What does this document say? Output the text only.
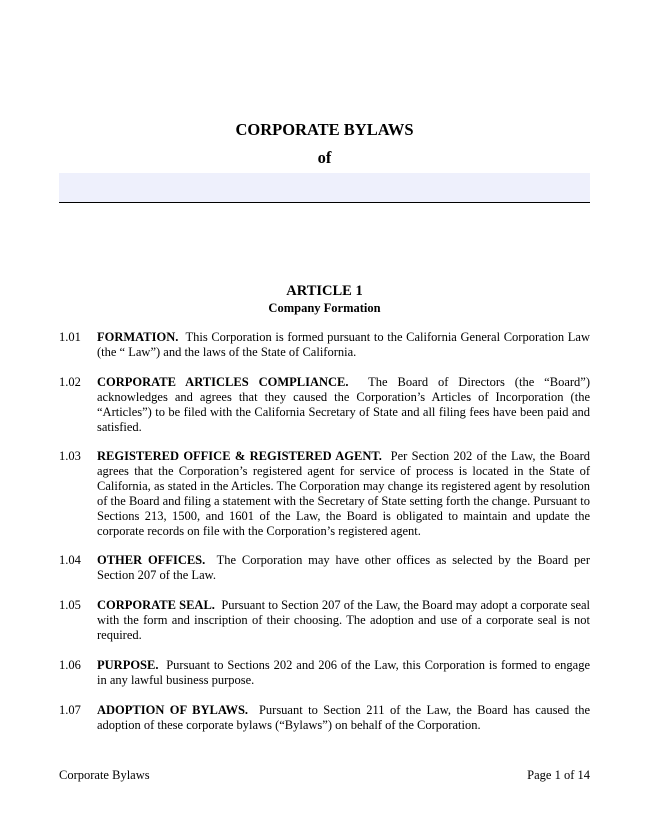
CORPORATE BYLAWS
of
ARTICLE 1
Company Formation
1.01	FORMATION. This Corporation is formed pursuant to the California General Corporation Law (the “ Law”) and the laws of the State of California.
1.02	CORPORATE ARTICLES COMPLIANCE. The Board of Directors (the “Board”) acknowledges and agrees that they caused the Corporation’s Articles of Incorporation (the “Articles”) to be filed with the California Secretary of State and all filing fees have been paid and satisfied.
1.03	REGISTERED OFFICE & REGISTERED AGENT. Per Section 202 of the Law, the Board agrees that the Corporation’s registered agent for service of process is located in the State of California, as stated in the Articles. The Corporation may change its registered agent by resolution of the Board and filing a statement with the Secretary of State setting forth the change. Pursuant to Sections 213, 1500, and 1601 of the Law, the Board is obligated to maintain and update the corporate records on file with the Corporation’s registered agent.
1.04	OTHER OFFICES. The Corporation may have other offices as selected by the Board per Section 207 of the Law.
1.05	CORPORATE SEAL. Pursuant to Section 207 of the Law, the Board may adopt a corporate seal with the form and inscription of their choosing. The adoption and use of a corporate seal is not required.
1.06	PURPOSE. Pursuant to Sections 202 and 206 of the Law, this Corporation is formed to engage in any lawful business purpose.
1.07	ADOPTION OF BYLAWS. Pursuant to Section 211 of the Law, the Board has caused the adoption of these corporate bylaws (“Bylaws”) on behalf of the Corporation.
Corporate Bylaws	Page 1 of 14
